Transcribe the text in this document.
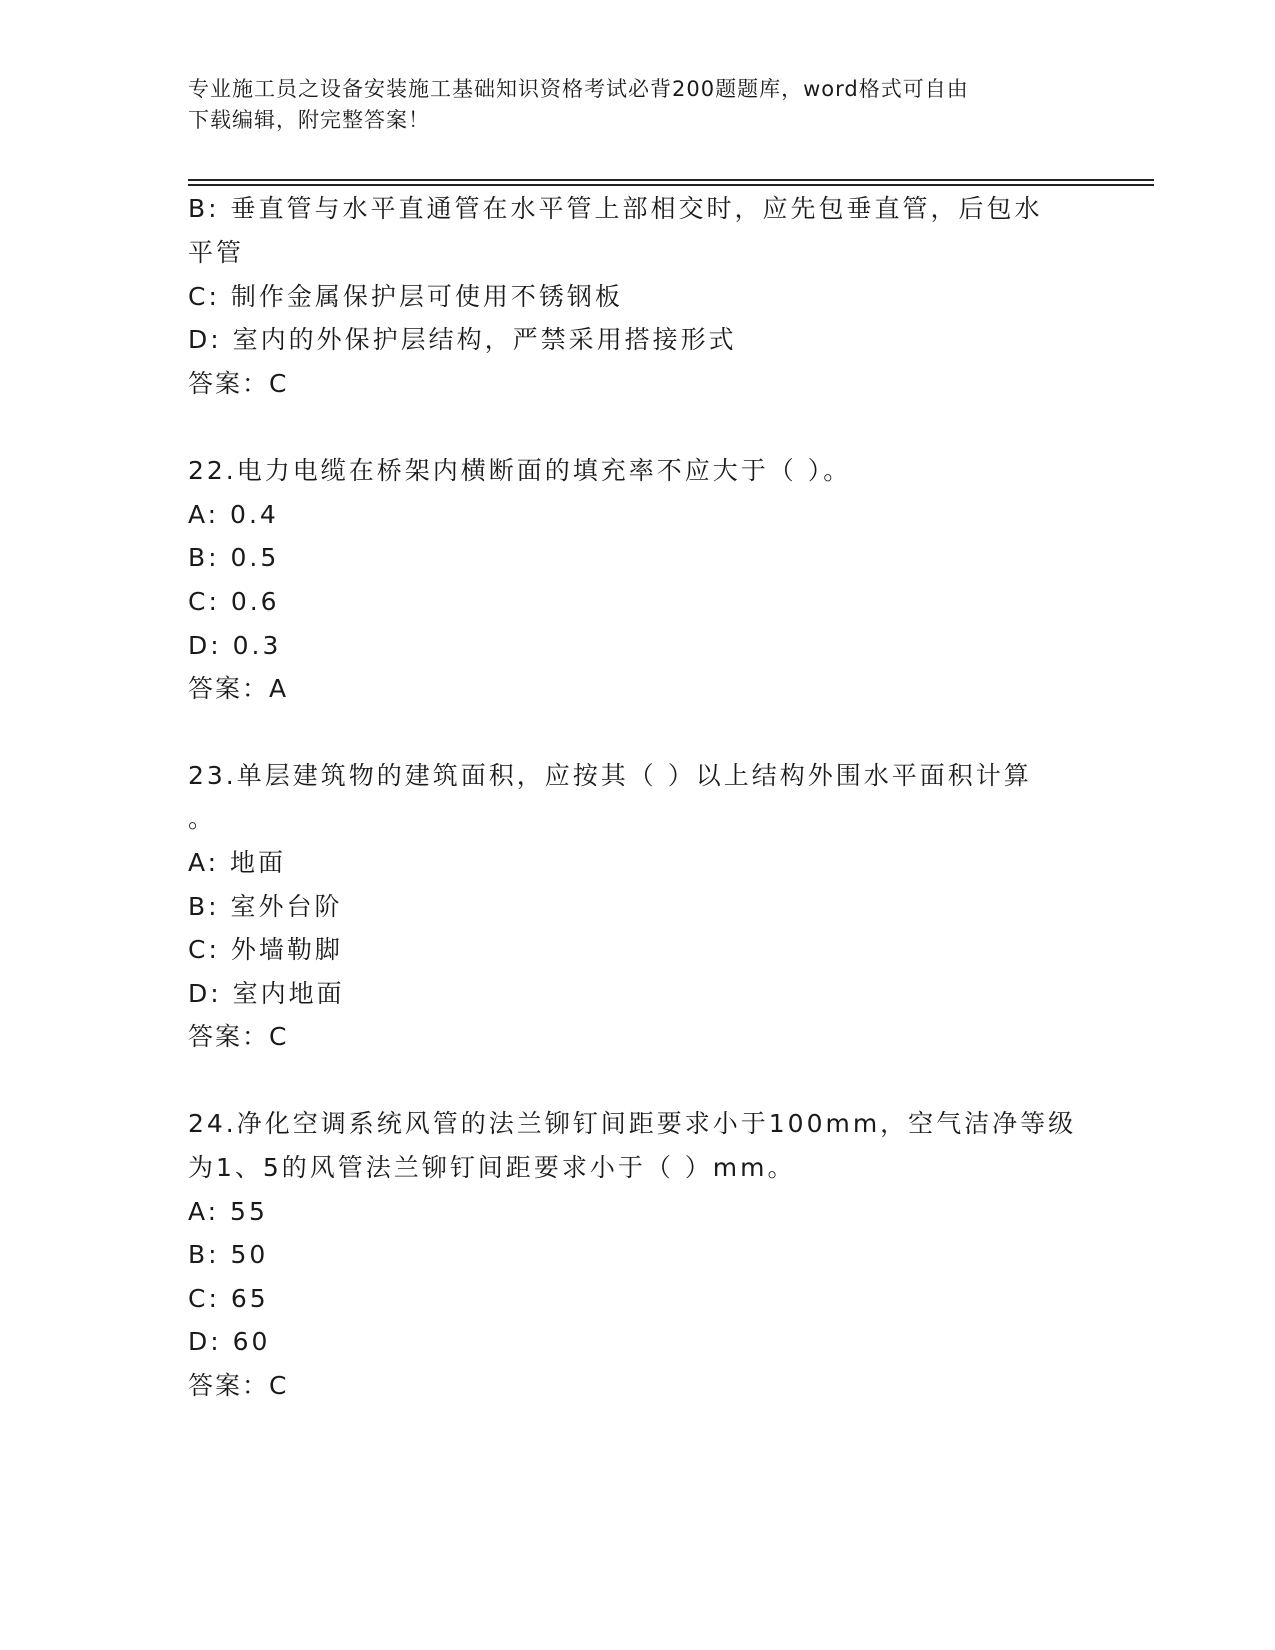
专业施工员之设备安装施工基础知识资格考试必背200题题库，word格式可自由
下载编辑，附完整答案！
B: 垂直管与水平直通管在水平管上部相交时，应先包垂直管，后包水
平管
C: 制作金属保护层可使用不锈钢板
D: 室内的外保护层结构，严禁采用搭接形式
答案：C
22.电力电缆在桥架内横断面的填充率不应大于（ ）。
A: 0.4
B: 0.5
C: 0.6
D: 0.3
答案：A
23.单层建筑物的建筑面积，应按其（ ）以上结构外围水平面积计算
。
A: 地面
B: 室外台阶
C: 外墙勒脚
D: 室内地面
答案：C
24.净化空调系统风管的法兰铆钉间距要求小于100mm，空气洁净等级
为1、5的风管法兰铆钉间距要求小于（ ）mm。
A: 55
B: 50
C: 65
D: 60
答案：C
